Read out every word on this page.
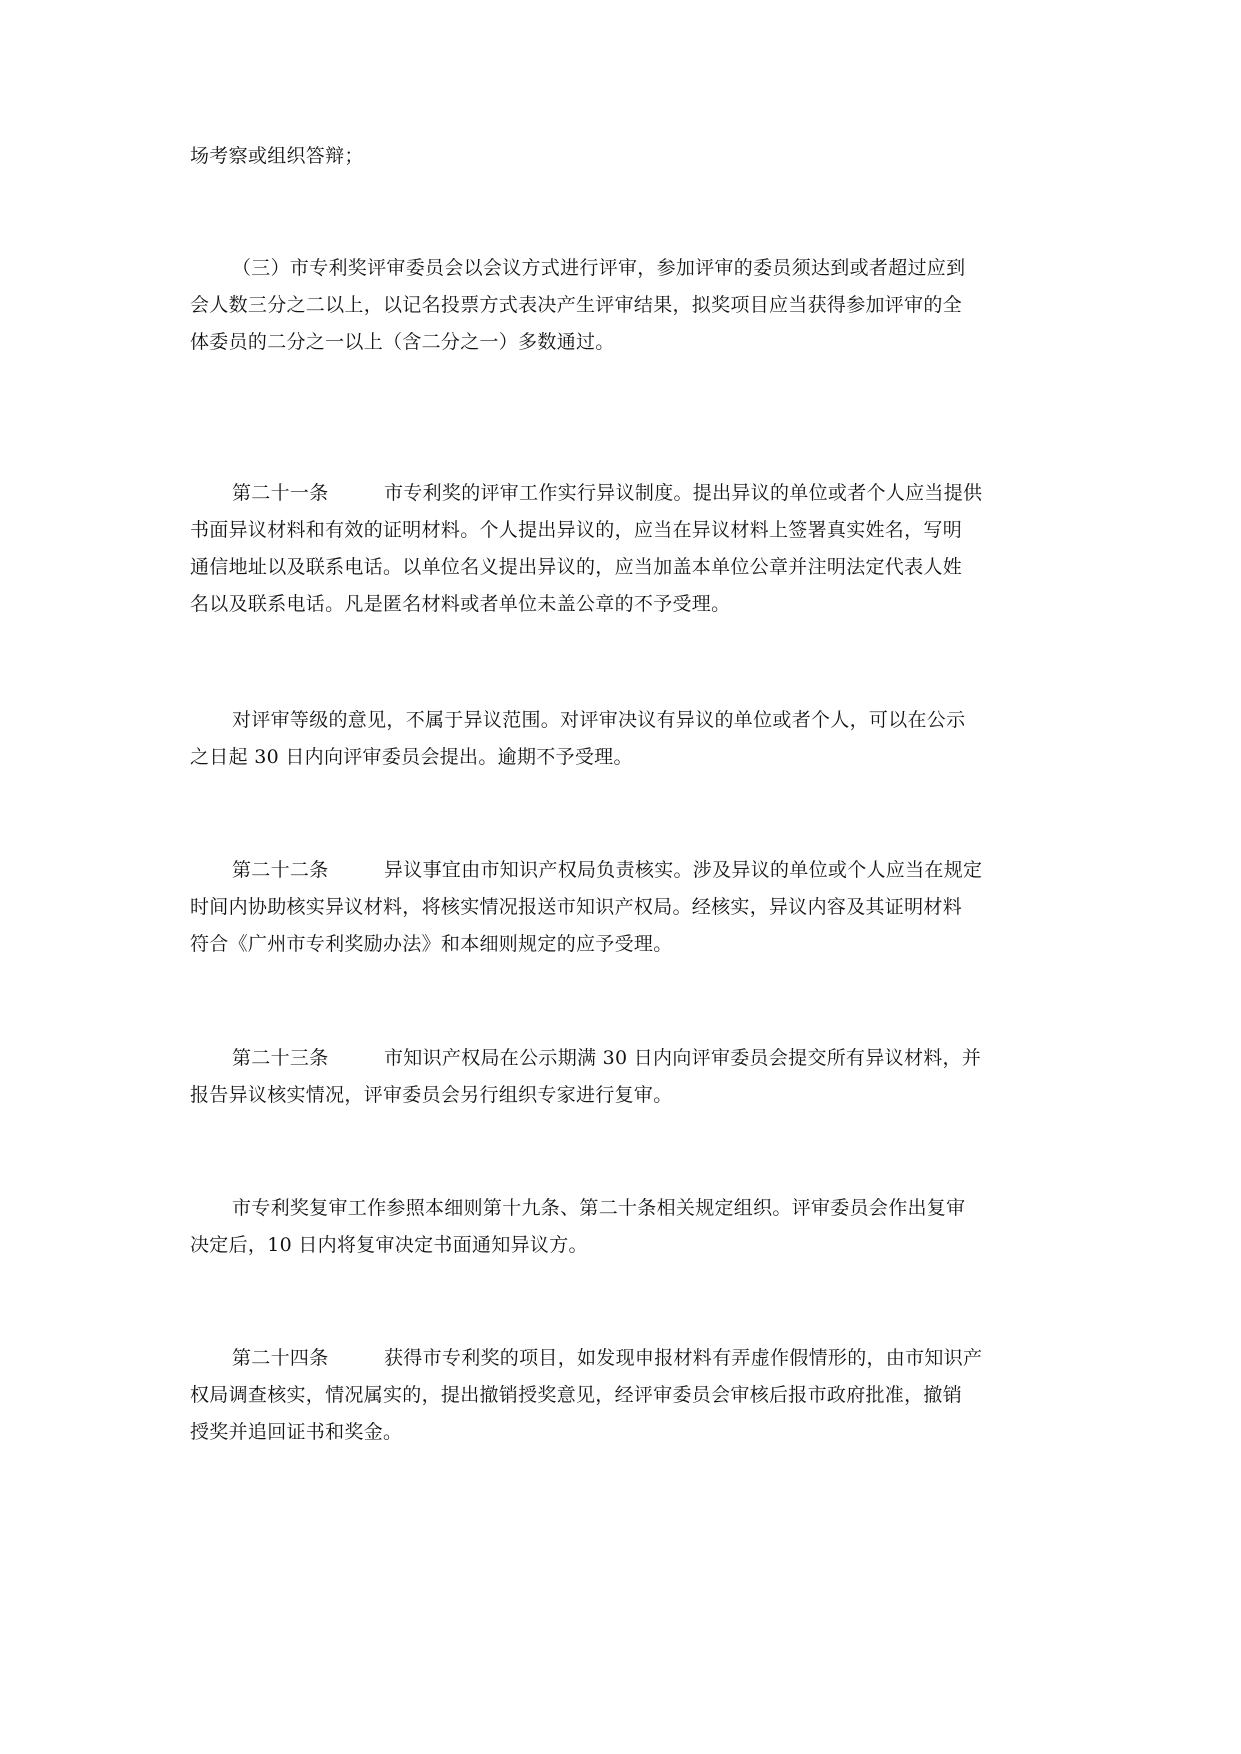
场考察或组织答辩；

（三）市专利奖评审委员会以会议方式进行评审，参加评审的委员须达到或者超过应到
会人数三分之二以上，以记名投票方式表决产生评审结果，拟奖项目应当获得参加评审的全
体委员的二分之一以上（含二分之一）多数通过。

第二十一条	市专利奖的评审工作实行异议制度。提出异议的单位或者个人应当提供
书面异议材料和有效的证明材料。个人提出异议的，应当在异议材料上签署真实姓名，写明
通信地址以及联系电话。以单位名义提出异议的，应当加盖本单位公章并注明法定代表人姓
名以及联系电话。凡是匿名材料或者单位未盖公章的不予受理。

对评审等级的意见，不属于异议范围。对评审决议有异议的单位或者个人，可以在公示
之日起 30 日内向评审委员会提出。逾期不予受理。

第二十二条	异议事宜由市知识产权局负责核实。涉及异议的单位或个人应当在规定
时间内协助核实异议材料，将核实情况报送市知识产权局。经核实，异议内容及其证明材料
符合《广州市专利奖励办法》和本细则规定的应予受理。

第二十三条	市知识产权局在公示期满 30 日内向评审委员会提交所有异议材料，并
报告异议核实情况，评审委员会另行组织专家进行复审。

市专利奖复审工作参照本细则第十九条、第二十条相关规定组织。评审委员会作出复审
决定后，10 日内将复审决定书面通知异议方。

第二十四条	获得市专利奖的项目，如发现申报材料有弄虚作假情形的，由市知识产
权局调查核实，情况属实的，提出撤销授奖意见，经评审委员会审核后报市政府批准，撤销
授奖并追回证书和奖金。
